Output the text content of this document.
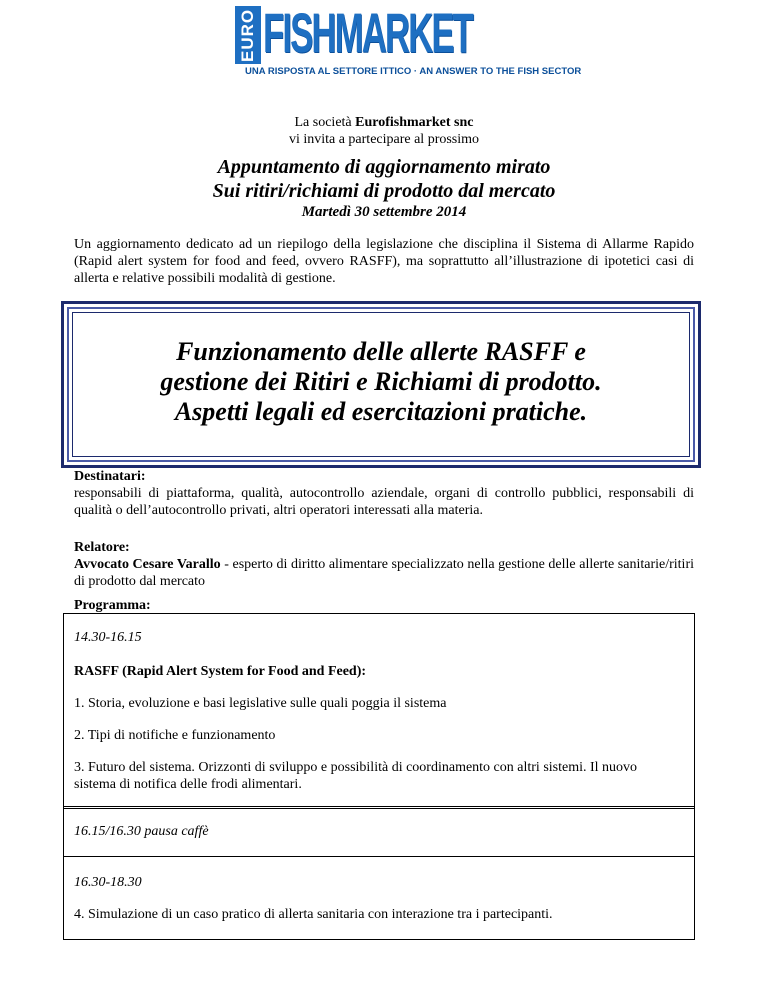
EURO FISHMARKET
UNA RISPOSTA AL SETTORE ITTICO · AN ANSWER TO THE FISH SECTOR
La società Eurofishmarket snc
vi invita a partecipare al prossimo
Appuntamento di aggiornamento mirato
Sui ritiri/richiami di prodotto dal mercato
Martedì 30 settembre 2014
Un aggiornamento dedicato ad un riepilogo della legislazione che disciplina il Sistema di Allarme Rapido (Rapid alert system for food and feed, ovvero RASFF), ma soprattutto all’illustrazione di ipotetici casi di allerta e relative possibili modalità di gestione.
Funzionamento delle allerte RASFF e
gestione dei Ritiri e Richiami di prodotto.
Aspetti legali ed esercitazioni pratiche.
Destinatari:
responsabili di piattaforma, qualità, autocontrollo aziendale, organi di controllo pubblici, responsabili di qualità o dell’autocontrollo privati, altri operatori interessati alla materia.
Relatore:
Avvocato Cesare Varallo - esperto di diritto alimentare specializzato nella gestione delle allerte sanitarie/ritiri di prodotto dal mercato
Programma:
14.30-16.15
RASFF (Rapid Alert System for Food and Feed):
1. Storia, evoluzione e basi legislative sulle quali poggia il sistema
2. Tipi di notifiche e funzionamento
3. Futuro del sistema. Orizzonti di sviluppo e possibilità di coordinamento con altri sistemi. Il nuovo sistema di notifica delle frodi alimentari.
16.15/16.30 pausa caffè
16.30-18.30
4. Simulazione di un caso pratico di allerta sanitaria con interazione tra i partecipanti.
